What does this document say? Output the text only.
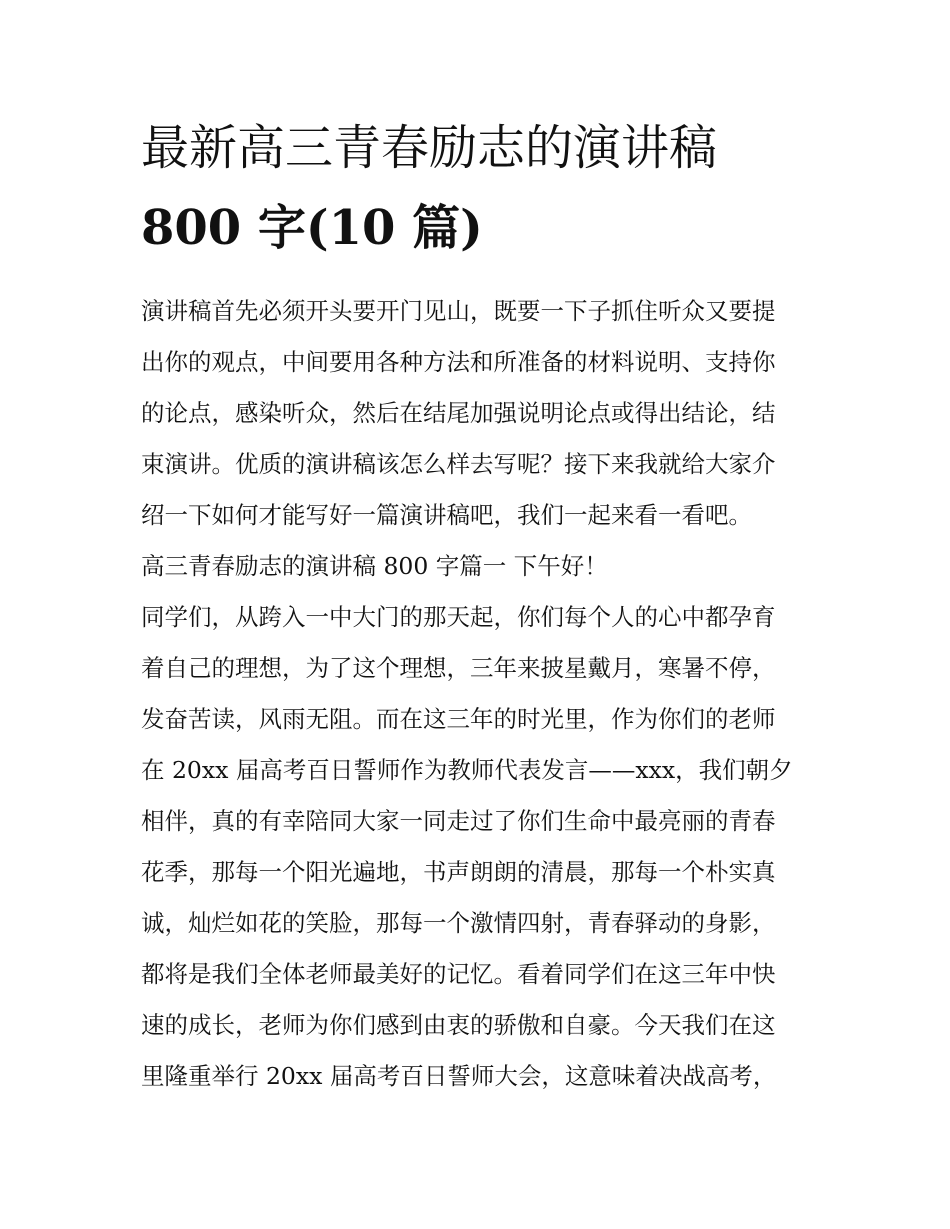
最新高三青春励志的演讲稿
800 字(10 篇)

演讲稿首先必须开头要开门见山，既要一下子抓住听众又要提
出你的观点，中间要用各种方法和所准备的材料说明、支持你
的论点，感染听众，然后在结尾加强说明论点或得出结论，结
束演讲。优质的演讲稿该怎么样去写呢？接下来我就给大家介
绍一下如何才能写好一篇演讲稿吧，我们一起来看一看吧。

高三青春励志的演讲稿 800 字篇一 下午好！

同学们，从跨入一中大门的那天起，你们每个人的心中都孕育
着自己的理想，为了这个理想，三年来披星戴月，寒暑不停，
发奋苦读，风雨无阻。而在这三年的时光里，作为你们的老师
在 20xx 届高考百日誓师作为教师代表发言——xxx，我们朝夕
相伴，真的有幸陪同大家一同走过了你们生命中最亮丽的青春
花季，那每一个阳光遍地，书声朗朗的清晨，那每一个朴实真
诚，灿烂如花的笑脸，那每一个激情四射，青春驿动的身影，
都将是我们全体老师最美好的记忆。看着同学们在这三年中快
速的成长，老师为你们感到由衷的骄傲和自豪。今天我们在这
里隆重举行 20xx 届高考百日誓师大会，这意味着决战高考，
